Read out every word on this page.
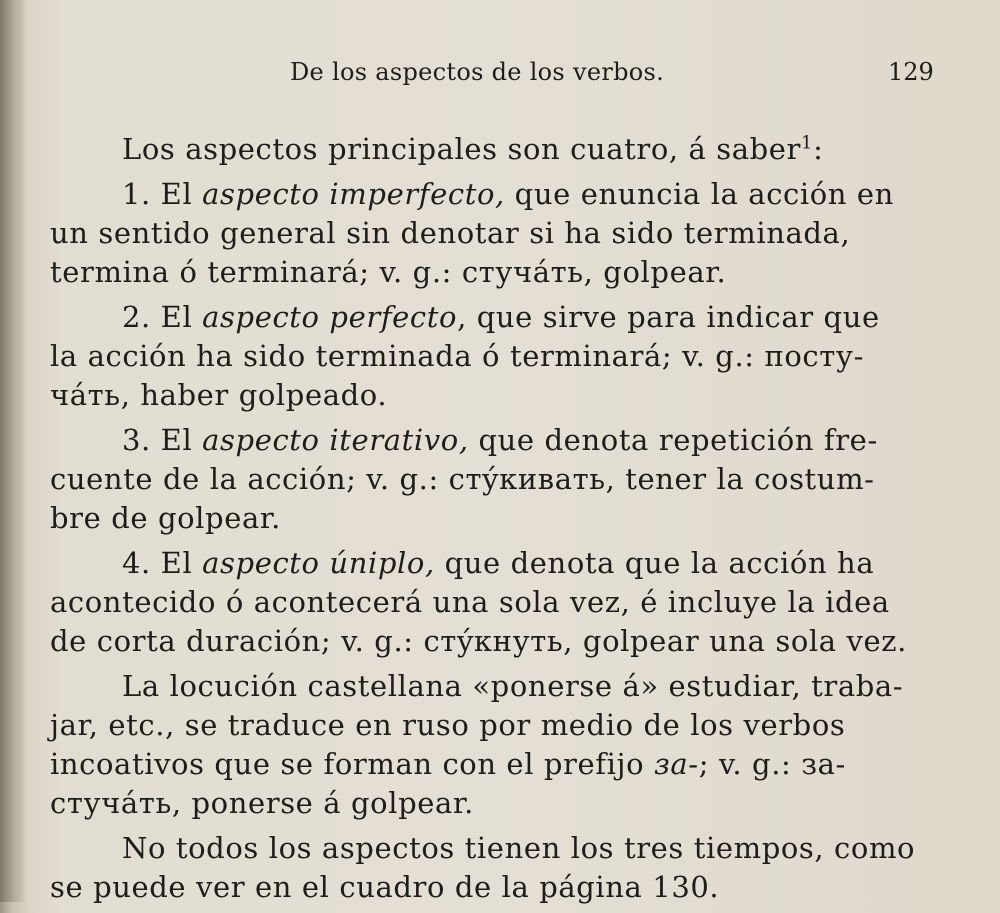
De los aspectos de los verbos.	129

Los aspectos principales son cuatro, á saber$^1$:

1. El aspecto imperfecto, que enuncia la acción en
un sentido general sin denotar si ha sido terminada,
termina ó terminará; v. g.: стучáть, golpear.

2. El aspecto perfecto, que sirve para indicar que
la acción ha sido terminada ó terminará; v. g.: посту-
чáть, haber golpeado.

3. El aspecto iterativo, que denota repetición fre-
cuente de la acción; v. g.: стýкивать, tener la costum-
bre de golpear.

4. El aspecto úniplo, que denota que la acción ha
acontecido ó acontecerá una sola vez, é incluye la idea
de corta duración; v. g.: стýкнуть, golpear una sola vez.

La locución castellana «ponerse á» estudiar, traba-
jar, etc., se traduce en ruso por medio de los verbos
incoativos que se forman con el prefijo за-; v. g.: за-
стучáть, ponerse á golpear.

No todos los aspectos tienen los tres tiempos, como
se puede ver en el cuadro de la página 130.
